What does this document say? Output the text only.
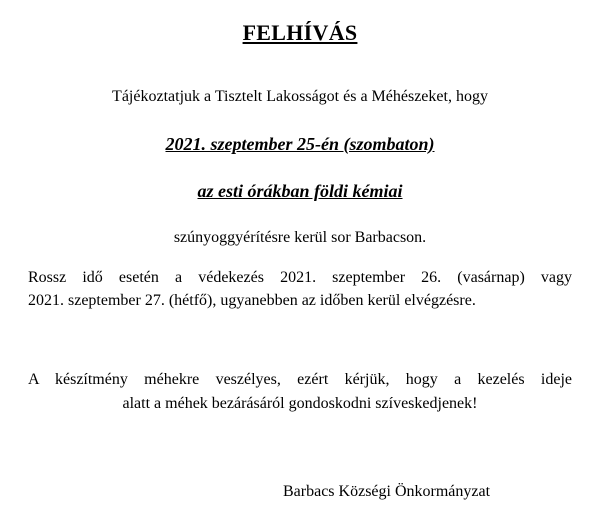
FELHÍVÁS
Tájékoztatjuk a Tisztelt Lakosságot és a Méhészeket, hogy
2021. szeptember 25-én (szombaton)
az esti órákban földi kémiai
szúnyoggyérítésre kerül sor Barbacson.
Rossz idő esetén a védekezés 2021. szeptember 26. (vasárnap) vagy
2021. szeptember 27. (hétfő), ugyanebben az időben kerül elvégzésre.
A készítmény méhekre veszélyes, ezért kérjük, hogy a kezelés ideje
alatt a méhek bezárásáról gondoskodni szíveskedjenek!
Barbacs Községi Önkormányzat
